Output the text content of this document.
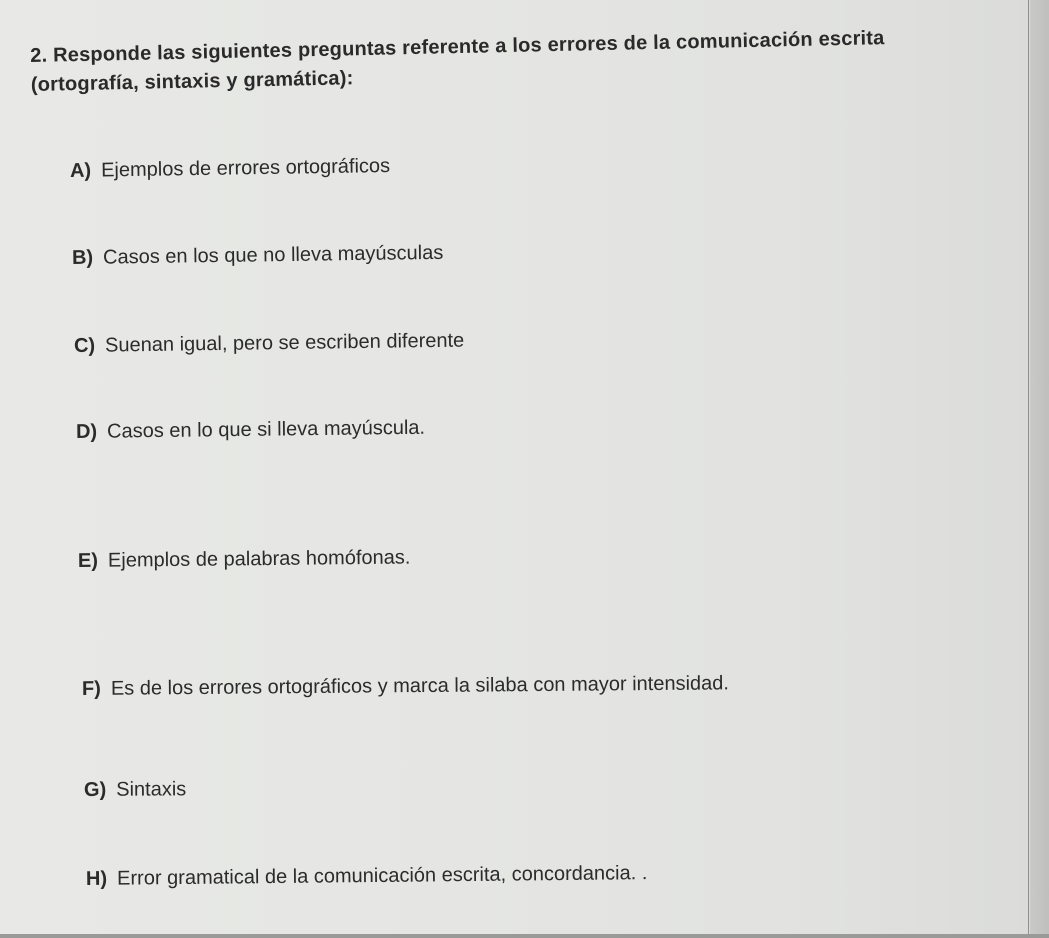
2. Responde las siguientes preguntas referente a los errores de la comunicación escrita (ortografía, sintaxis y gramática):

A) Ejemplos de errores ortográficos
B) Casos en los que no lleva mayúsculas
C) Suenan igual, pero se escriben diferente
D) Casos en lo que si lleva mayúscula.
E) Ejemplos de palabras homófonas.
F) Es de los errores ortográficos y marca la silaba con mayor intensidad.
G) Sintaxis
H) Error gramatical de la comunicación escrita, concordancia. .
